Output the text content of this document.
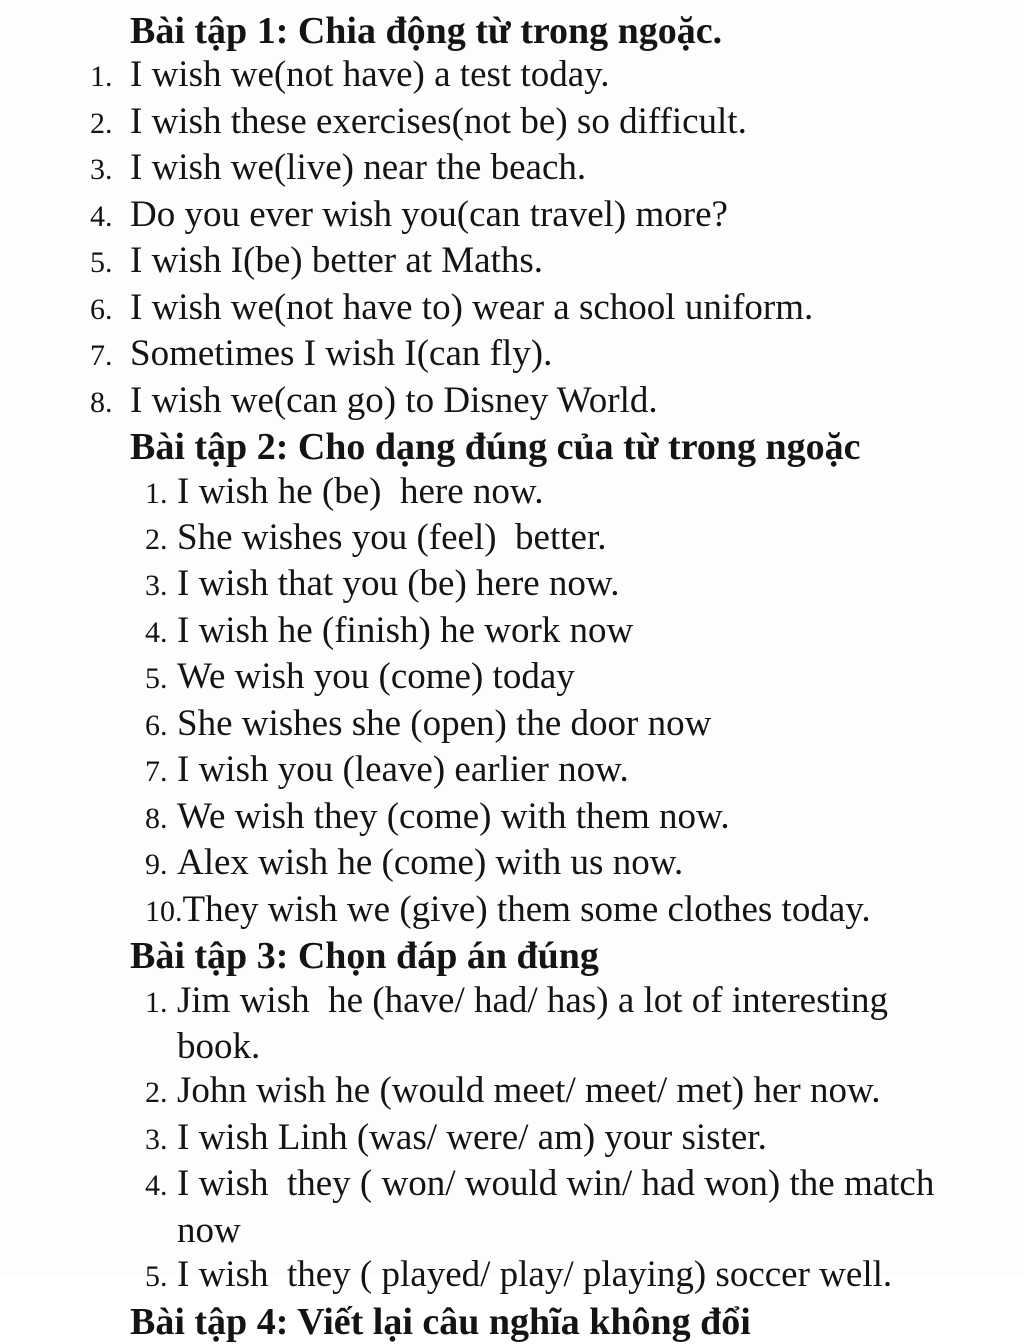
Bài tập 1: Chia động từ trong ngoặc.
1. I wish we(not have) a test today.
2. I wish these exercises(not be) so difficult.
3. I wish we(live) near the beach.
4. Do you ever wish you(can travel) more?
5. I wish I(be) better at Maths.
6. I wish we(not have to) wear a school uniform.
7. Sometimes I wish I(can fly).
8. I wish we(can go) to Disney World.
Bài tập 2: Cho dạng đúng của từ trong ngoặc
1. I wish he (be)  here now.
2. She wishes you (feel)  better.
3. I wish that you (be) here now.
4. I wish he (finish) he work now
5. We wish you (come) today
6. She wishes she (open) the door now
7. I wish you (leave) earlier now.
8. We wish they (come) with them now.
9. Alex wish he (come) with us now.
10.They wish we (give) them some clothes today.
Bài tập 3: Chọn đáp án đúng
1. Jim wish  he (have/ had/ has) a lot of interesting
book.
2. John wish he (would meet/ meet/ met) her now.
3. I wish Linh (was/ were/ am) your sister.
4. I wish  they ( won/ would win/ had won) the match
now
5. I wish  they ( played/ play/ playing) soccer well.
Bài tập 4: Viết lại câu nghĩa không đổi
